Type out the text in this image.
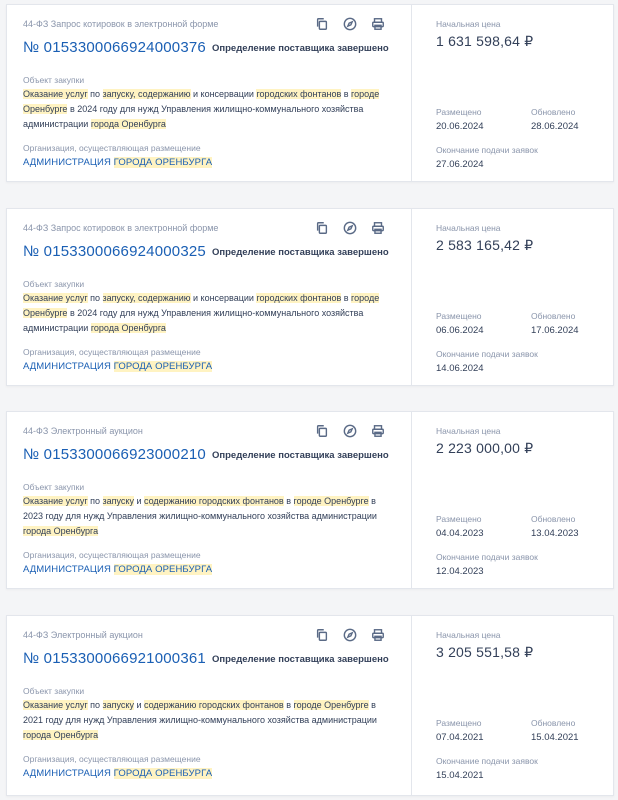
44-ФЗ Запрос котировок в электронной форме
№ 0153300066924000376 Определение поставщика завершено
Объект закупки
Оказание услуг по запуску, содержанию и консервации городских фонтанов в городе Оренбурге в 2024 году для нужд Управления жилищно-коммунального хозяйства администрации города Оренбурга
Организация, осуществляющая размещение
АДМИНИСТРАЦИЯ ГОРОДА ОРЕНБУРГА
Начальная цена
1 631 598,64 ₽
Размещено
20.06.2024
Обновлено
28.06.2024
Окончание подачи заявок
27.06.2024
44-ФЗ Запрос котировок в электронной форме
№ 0153300066924000325 Определение поставщика завершено
Объект закупки
Оказание услуг по запуску, содержанию и консервации городских фонтанов в городе Оренбурге в 2024 году для нужд Управления жилищно-коммунального хозяйства администрации города Оренбурга
Организация, осуществляющая размещение
АДМИНИСТРАЦИЯ ГОРОДА ОРЕНБУРГА
Начальная цена
2 583 165,42 ₽
Размещено
06.06.2024
Обновлено
17.06.2024
Окончание подачи заявок
14.06.2024
44-ФЗ Электронный аукцион
№ 0153300066923000210 Определение поставщика завершено
Объект закупки
Оказание услуг по запуску и содержанию городских фонтанов в городе Оренбурге в 2023 году для нужд Управления жилищно-коммунального хозяйства администрации города Оренбурга
Организация, осуществляющая размещение
АДМИНИСТРАЦИЯ ГОРОДА ОРЕНБУРГА
Начальная цена
2 223 000,00 ₽
Размещено
04.04.2023
Обновлено
13.04.2023
Окончание подачи заявок
12.04.2023
44-ФЗ Электронный аукцион
№ 0153300066921000361 Определение поставщика завершено
Объект закупки
Оказание услуг по запуску и содержанию городских фонтанов в городе Оренбурге в 2021 году для нужд Управления жилищно-коммунального хозяйства администрации города Оренбурга
Организация, осуществляющая размещение
АДМИНИСТРАЦИЯ ГОРОДА ОРЕНБУРГА
Начальная цена
3 205 551,58 ₽
Размещено
07.04.2021
Обновлено
15.04.2021
Окончание подачи заявок
15.04.2021
